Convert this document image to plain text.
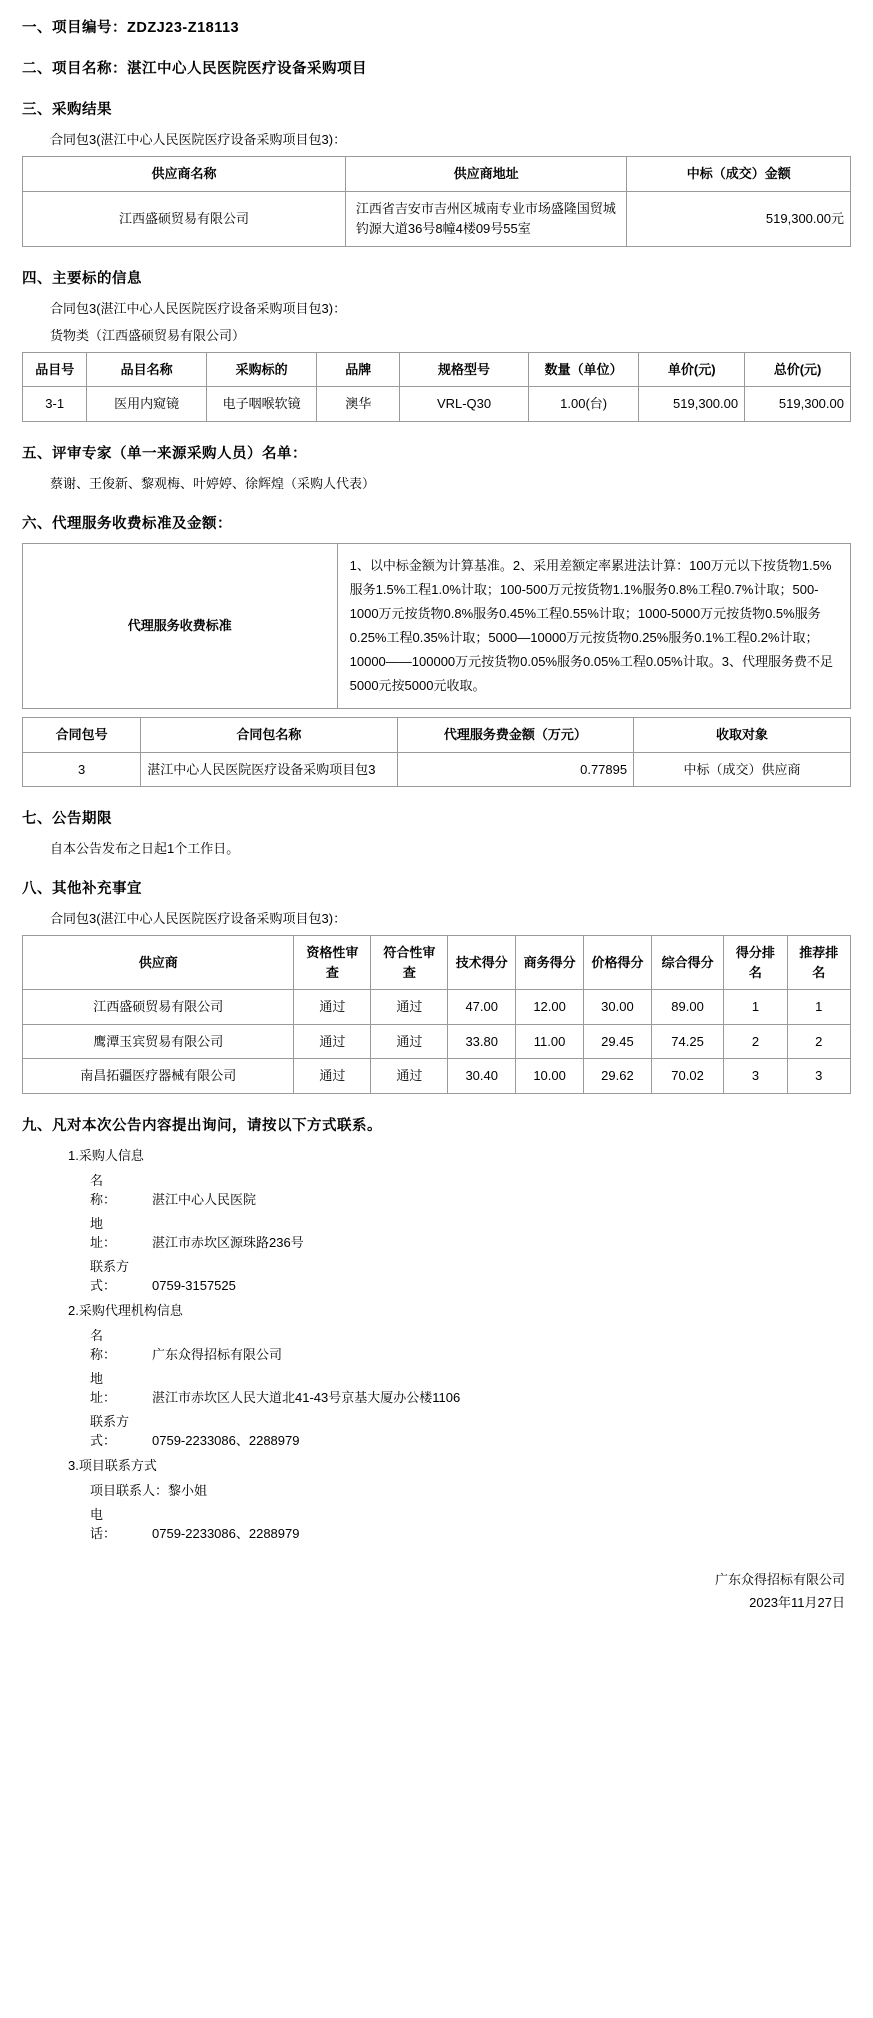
一、项目编号：ZDZJ23-Z18113
二、项目名称：湛江中心人民医院医疗设备采购项目
三、采购结果
合同包3(湛江中心人民医院医疗设备采购项目包3)：
供应商名称	供应商地址	中标（成交）金额
江西盛硕贸易有限公司	江西省吉安市吉州区城南专业市场盛隆国贸城钓源大道36号8幢4楼09号55室	519,300.00元
四、主要标的信息
合同包3(湛江中心人民医院医疗设备采购项目包3)：
货物类（江西盛硕贸易有限公司）
品目号	品目名称	采购标的	品牌	规格型号	数量（单位）	单价(元)	总价(元)
3-1	医用内窥镜	电子咽喉软镜	澳华	VRL-Q30	1.00(台)	519,300.00	519,300.00
五、评审专家（单一来源采购人员）名单：
蔡谢、王俊新、黎观梅、叶婷婷、徐辉煌（采购人代表）
六、代理服务收费标准及金额：
代理服务收费标准	1、以中标金额为计算基准。2、采用差额定率累进法计算：100万元以下按货物1.5%服务1.5%工程1.0%计取；100-500万元按货物1.1%服务0.8%工程0.7%计取；500-1000万元按货物0.8%服务0.45%工程0.55%计取；1000-5000万元按货物0.5%服务0.25%工程0.35%计取；5000—10000万元按货物0.25%服务0.1%工程0.2%计取；10000——100000万元按货物0.05%服务0.05%工程0.05%计取。3、代理服务费不足5000元按5000元收取。
合同包号	合同包名称	代理服务费金额（万元）	收取对象
3	湛江中心人民医院医疗设备采购项目包3	0.77895	中标（成交）供应商
七、公告期限
自本公告发布之日起1个工作日。
八、其他补充事宜
合同包3(湛江中心人民医院医疗设备采购项目包3)：
供应商	资格性审查	符合性审查	技术得分	商务得分	价格得分	综合得分	得分排名	推荐排名
江西盛硕贸易有限公司	通过	通过	47.00	12.00	30.00	89.00	1	1
鹰潭玉宾贸易有限公司	通过	通过	33.80	11.00	29.45	74.25	2	2
南昌拓疆医疗器械有限公司	通过	通过	30.40	10.00	29.62	70.02	3	3
九、凡对本次公告内容提出询问，请按以下方式联系。
1.采购人信息
名　　称：	湛江中心人民医院
地　　址：	湛江市赤坎区源珠路236号
联系方式：	0759-3157525
2.采购代理机构信息
名　　称：	广东众得招标有限公司
地　　址：	湛江市赤坎区人民大道北41-43号京基大厦办公楼1106
联系方式：	0759-2233086、2288979
3.项目联系方式
项目联系人：黎小姐
电　　话：	0759-2233086、2288979
广东众得招标有限公司
2023年11月27日
